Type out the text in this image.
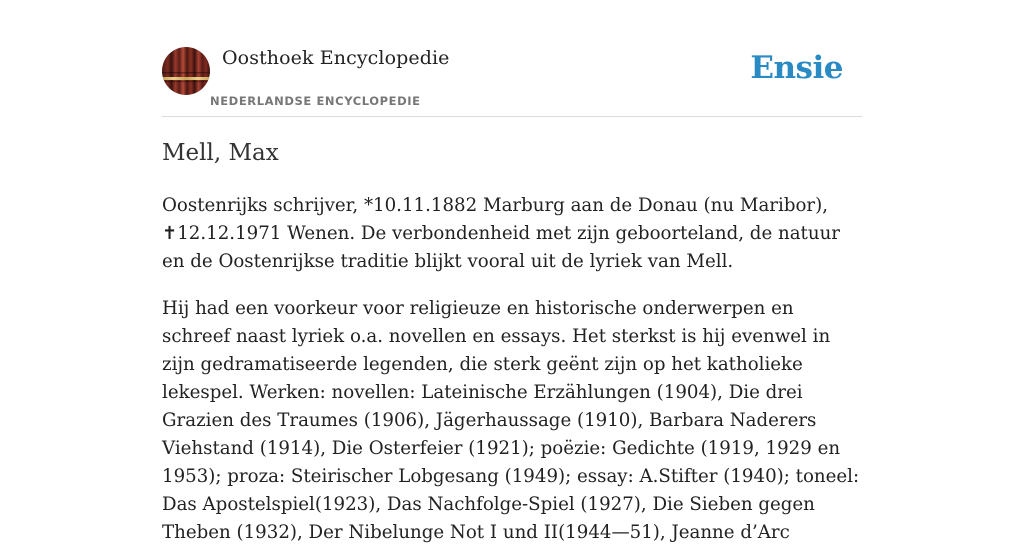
Oosthoek Encyclopedie
NEDERLANDSE ENCYCLOPEDIE
Ensie
Mell, Max

Oostenrijks schrijver, *10.11.1882 Marburg aan de Donau (nu Maribor), ✝12.12.1971 Wenen. De verbondenheid met zijn geboorteland, de natuur en de Oostenrijkse traditie blijkt vooral uit de lyriek van Mell.

Hij had een voorkeur voor religieuze en historische onderwerpen en schreef naast lyriek o.a. novellen en essays. Het sterkst is hij evenwel in zijn gedramatiseerde legenden, die sterk geënt zijn op het katholieke lekespel. Werken: novellen: Lateinische Erzählungen (1904), Die drei Grazien des Traumes (1906), Jägerhaussage (1910), Barbara Naderers Viehstand (1914), Die Osterfeier (1921); poëzie: Gedichte (1919, 1929 en 1953); proza: Steirischer Lobgesang (1949); essay: A.Stifter (1940); toneel: Das Apostelspiel(1923), Das Nachfolge-Spiel (1927), Die Sieben gegen Theben (1932), Der Nibelunge Not I und II(1944—51), Jeanne d’Arc
